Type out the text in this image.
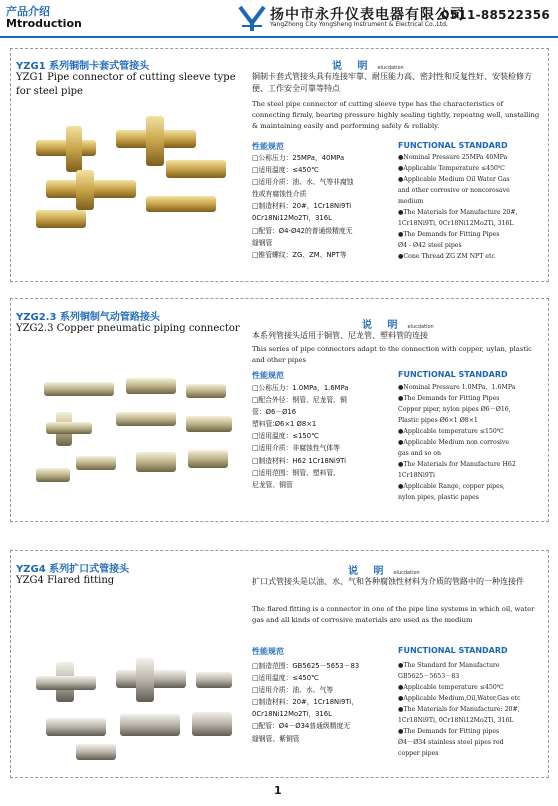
产品介绍
Mtroduction
扬中市永升仪表电器有限公司
YangZhong City YongSheng Instrument & Electrical Co.,Ltd.
0511-88522356
YZG1 系列铜制卡套式管接头
YZG1 Pipe connector of cutting sleeve type for steel pipe
说 明 elucdation
铜制卡套式管接头具有连接牢靠、耐压能力高、密封性和反复性好、安装检修方便、工作安全可靠等特点
The steel pipe connector of cutting sleeve type has the characteristics of connecting firmly, bearing pressure highly sealing tightly, repeatng well, unstalling & maintaining easily and performing safely & reliably.
性能规范
□公称压力：25MPa，40MPa
□适用温度：≤450℃
□适用介质：油、水、气等非腐蚀
性或有腐蚀性介质
□制造材料：20#，1Cr18Ni9Ti
0Cr18Ni12Mo2Ti，316L
□配管：Ø4-Ø42的普通级精度无
缝钢管
□锥管螺纹：ZG、ZM、NPT等
FUNCTIONAL STANDARD
●Nominal Pressure 25MPa 40MPa
●Applicable Temperature ≤450℃
●Applicable Medium Oil Water Gas
and other corrosive or noncorosave
medium
●The Materials for Manufacture 20#,
1Cr18Ni9Ti, 0Cr18Ni12Mo2Ti, 316L
●The Demands for Fitting Pipes
Ø4 - Ø42 steel pipes
●Cone Thread ZG ZM NPT etc
YZG2.3 系列铜制气动管路接头
YZG2.3 Copper pneumatic piping connector	说 明 elucdation
本系列管接头适用于铜管、尼龙管、塑料管的连接
This series of pipe connectors adapt to the connection with copper, uylan, plastic and other pipes
性能规范
□公称压力：1.0MPa，1.6MPa
□配合外径：钢管、尼龙管、铜
管：Ø6－Ø16
塑料管:Ø6×1 Ø8×1
□适用温度：≤150℃
□适用介质：非腐蚀性气体等
□制造材料：H62 1Cr18Ni9Ti
□适用范围：钢管、塑料管、
尼龙管、铜管
FUNCTIONAL STANDARD
●Nominal Pressure 1.0MPa、1.6MPa
●The Demands for Fitting Pipes
Copper piper, nylon pipes Ø6－Ø16,
Plastic pipes Ø6×1 Ø8×1
●Applicable temperature ≤150℃
●Applicable Medium non corrosive
gas and so on
●The Materials for Manufacture H62
1Cr18Ni9Ti
●Applicable Range, copper pipes,
nylon pipes, plastic papes
YZG4 系列扩口式管接头
YZG4 Flared fitting
说 明 elucdation
扩口式管接头是以油、水、气和各种腐蚀性材料为介质的管路中的一种连接件
The flared fitting is a connector in one of the pipe line systems in which oil, water gas and all kinds of corrosive materials are used as the medium
性能规范
□制造范围：GB5625－5653－83
□适用温度：≤450℃
□适用介质：油、水、气等
□制造材料：20#，1Cr18Ni9Ti，
0Cr18Ni12Mo2Ti，316L
□配管：Ø4－Ø34普通级精度无
缝钢管、紫铜管
FUNCTIONAL STANDARD
●The Standard for Manufacture
GB5625－5653－83
●Applicable temperature ≤450℃
●Applicable Medium,Oil,Water,Gas etc
●The Materials for Manufacture: 20#,
1Cr18Ni9Ti, 0Cr18Ni12Mo2Ti, 316L
●The Demands for Fitting pipes
Ø4－Ø34 stainless steel pipes red
copper pipes
1
